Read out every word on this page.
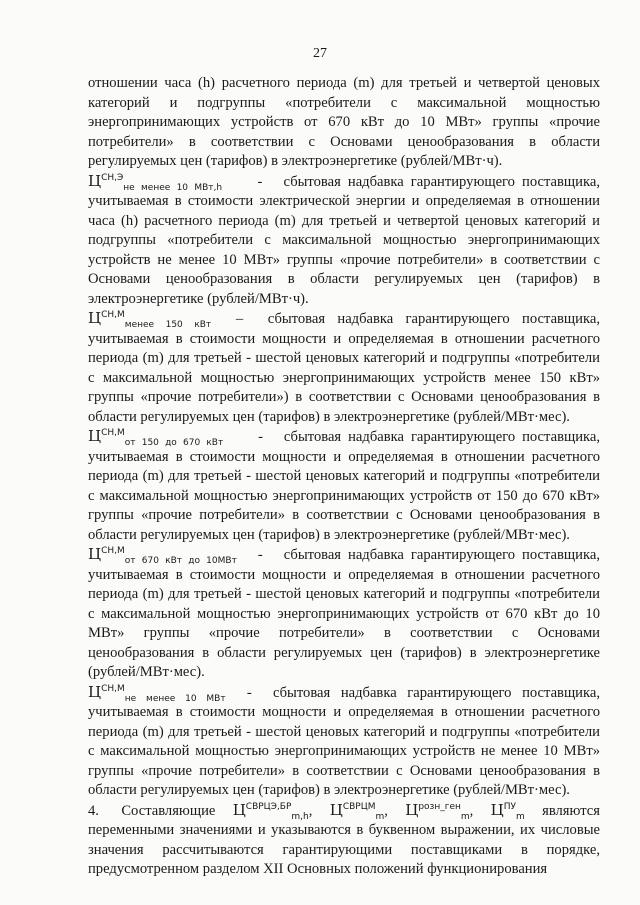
27

отношении часа (h) расчетного периода (m) для третьей и четвертой ценовых категорий и подгруппы «потребители с максимальной мощностью энергопринимающих устройств от 670 кВт до 10 МВт» группы «прочие потребители» в соответствии с Основами ценообразования в области регулируемых цен (тарифов) в электроэнергетике (рублей/МВт·ч).

$Ц^{СН,Э}_{не менее 10 МВт,h}$     -   сбытовая надбавка гарантирующего поставщика, учитываемая в стоимости электрической энергии и определяемая в отношении часа (h) расчетного периода (m) для третьей и четвертой ценовых категорий и подгруппы «потребители с максимальной мощностью энергопринимающих устройств не менее 10 МВт» группы «прочие потребители» в соответствии с Основами ценообразования в области регулируемых цен (тарифов) в электроэнергетике (рублей/МВт·ч).

$Ц^{СН,М}_{менее 150 кВт}$  –  сбытовая надбавка гарантирующего поставщика, учитываемая в стоимости мощности и определяемая в отношении расчетного периода (m) для третьей - шестой ценовых категорий и подгруппы «потребители с максимальной мощностью энергопринимающих устройств менее 150 кВт» группы «прочие потребители») в соответствии с Основами ценообразования в области регулируемых цен (тарифов) в электроэнергетике (рублей/МВт·мес).

$Ц^{СН,М}_{от 150 до 670 кВт}$     -   сбытовая надбавка гарантирующего поставщика, учитываемая в стоимости мощности и определяемая в отношении расчетного периода (m) для третьей - шестой ценовых категорий и подгруппы «потребители с максимальной мощностью энергопринимающих устройств от 150 до 670 кВт» группы «прочие потребители» в соответствии с Основами ценообразования в области регулируемых цен (тарифов) в электроэнергетике (рублей/МВт·мес).

$Ц^{СН,М}_{от 670 кВт до 10МВт}$   -   сбытовая надбавка гарантирующего поставщика, учитываемая в стоимости мощности и определяемая в отношении расчетного периода (m) для третьей - шестой ценовых категорий и подгруппы «потребители с максимальной мощностью энергопринимающих устройств от 670 кВт до 10 МВт» группы «прочие потребители» в соответствии с Основами ценообразования в области регулируемых цен (тарифов) в электроэнергетике (рублей/МВт·мес).

$Ц^{СН,М}_{не менее 10 МВт}$  -  сбытовая надбавка гарантирующего поставщика, учитываемая в стоимости мощности и определяемая в отношении расчетного периода (m) для третьей - шестой ценовых категорий и подгруппы «потребители с максимальной мощностью энергопринимающих устройств не менее 10 МВт» группы «прочие потребители» в соответствии с Основами ценообразования в области регулируемых цен (тарифов) в электроэнергетике (рублей/МВт·мес).

4. Составляющие $Ц^{СВРЦЭ,БР}_{m,h}$, $Ц^{СВРЦМ}_m$, $Ц^{розн\_ген}_m$, $Ц^{ПУ}_m$ являются переменными значениями и указываются в буквенном выражении, их числовые значения рассчитываются гарантирующими поставщиками в порядке, предусмотренном разделом XII Основных положений функционирования
